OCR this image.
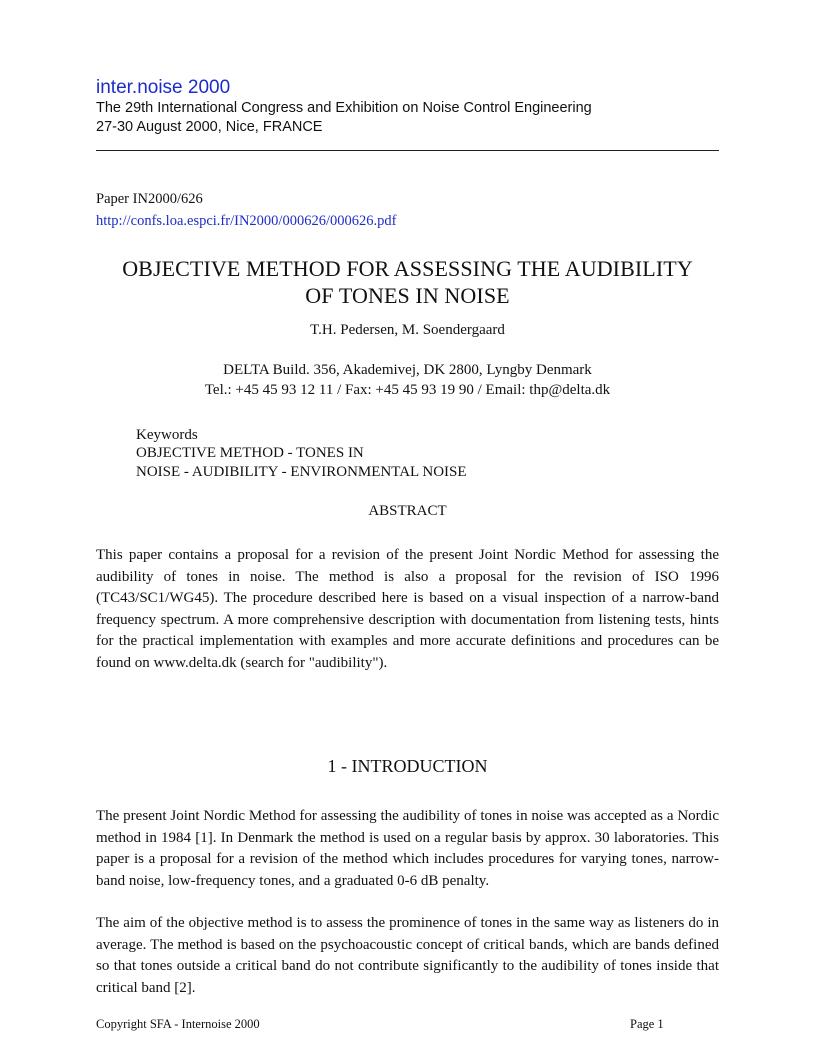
inter.noise 2000
The 29th International Congress and Exhibition on Noise Control Engineering
27-30 August 2000, Nice, FRANCE
Paper IN2000/626
http://confs.loa.espci.fr/IN2000/000626/000626.pdf
OBJECTIVE METHOD FOR ASSESSING THE AUDIBILITY
OF TONES IN NOISE
T.H. Pedersen, M. Soendergaard
DELTA Build. 356, Akademivej, DK 2800, Lyngby Denmark
Tel.: +45 45 93 12 11 / Fax: +45 45 93 19 90 / Email: thp@delta.dk
Keywords
OBJECTIVE METHOD - TONES IN
NOISE - AUDIBILITY - ENVIRONMENTAL NOISE
ABSTRACT

This paper contains a proposal for a revision of the present Joint Nordic Method for assessing the audibility of tones in noise. The method is also a proposal for the revision of ISO 1996 (TC43/SC1/WG45). The procedure described here is based on a visual inspection of a narrow-band frequency spectrum. A more comprehensive description with documentation from listening tests, hints for the practical implementation with examples and more accurate definitions and procedures can be found on www.delta.dk (search for "audibility").

1 - INTRODUCTION

The present Joint Nordic Method for assessing the audibility of tones in noise was accepted as a Nordic method in 1984 [1]. In Denmark the method is used on a regular basis by approx. 30 laboratories. This paper is a proposal for a revision of the method which includes procedures for varying tones, narrow-band noise, low-frequency tones, and a graduated 0-6 dB penalty.

The aim of the objective method is to assess the prominence of tones in the same way as listeners do in average. The method is based on the psychoacoustic concept of critical bands, which are bands defined so that tones outside a critical band do not contribute significantly to the audibility of tones inside that critical band [2].

Copyright SFA - Internoise 2000	Page 1
